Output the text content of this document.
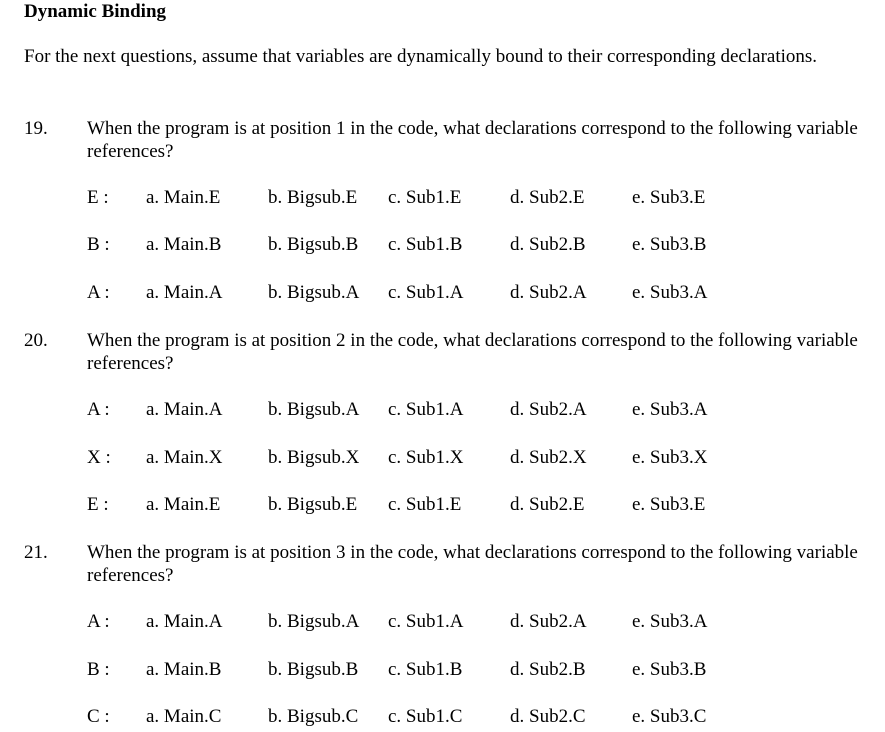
Dynamic Binding
For the next questions, assume that variables are dynamically bound to their corresponding declarations.
19. When the program is at position 1 in the code, what declarations correspond to the following variable references?
E : a. Main.E	b. Bigsub.E c. Sub1.E	d. Sub2.E	e. Sub3.E
B : a. Main.B b. Bigsub.B c. Sub1.B	d. Sub2.B e. Sub3.B
A : a. Main.A b. Bigsub.A c. Sub1.A d. Sub2.A e. Sub3.A
20. When the program is at position 2 in the code, what declarations correspond to the following variable references?
A : a. Main.A b. Bigsub.A c. Sub1.A d. Sub2.A e. Sub3.A
X : a. Main.X b. Bigsub.X c. Sub1.X d. Sub2.X e. Sub3.X
E : a. Main.E	b. Bigsub.E c. Sub1.E	d. Sub2.E	e. Sub3.E
21. When the program is at position 3 in the code, what declarations correspond to the following variable references?
A : a. Main.A b. Bigsub.A c. Sub1.A d. Sub2.A e. Sub3.A
B : a. Main.B b. Bigsub.B c. Sub1.B	d. Sub2.B e. Sub3.B
C : a. Main.C b. Bigsub.C c. Sub1.C	d. Sub2.C e. Sub3.C
